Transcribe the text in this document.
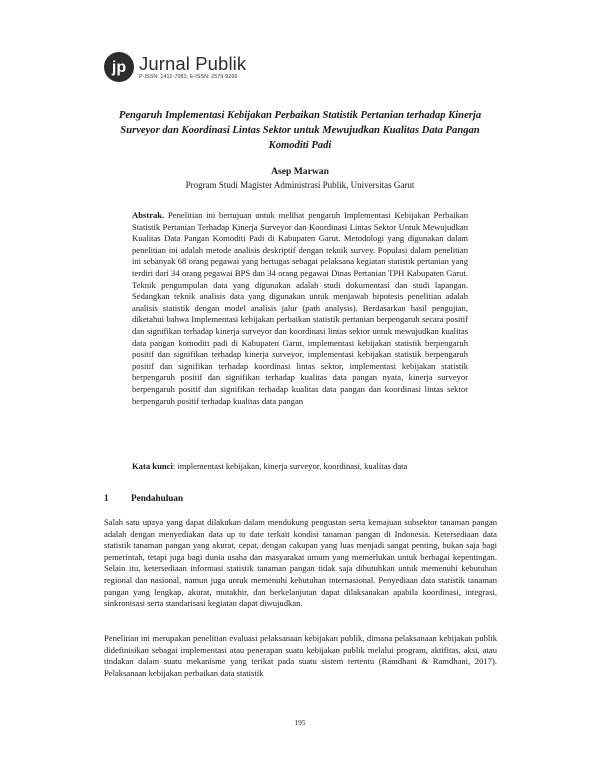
jp Jurnal Publik
P-ISSN: 1412-7083; E-ISSN: 2579-9266
Pengaruh Implementasi Kebijakan Perbaikan Statistik Pertanian terhadap Kinerja Surveyor dan Koordinasi Lintas Sektor untuk Mewujudkan Kualitas Data Pangan Komoditi Padi
Asep Marwan
Program Studi Magister Administrasi Publik, Universitas Garut

Abstrak. Penelitian ini bertujuan untuk melihat pengaruh Implementasi Kebijakan Perbaikan Statistik Pertanian Terhadap Kinerja Surveyor dan Koordinasi Lintas Sektor Untuk Mewujudkan Kualitas Data Pangan Komoditi Padi di Kabupaten Garut. Metodologi yang digunakan dalam penelitian ini adalah metode analisis deskriptif dengan teknik survey. Populasi dalam penelitian ini sebanyak 68 orang pegawai yang bertugas sebagai pelaksana kegiatan statistik pertanian yang terdiri dari 34 orang pegawai BPS dan 34 orang pegawai Dinas Pertanian TPH Kabupaten Garut. Teknik pengumpulan data yang digunakan adalah studi dokumentasi dan studi lapangan. Sedangkan teknik analisis data yang digunakan untuk menjawab hipotesis penelitian adalah analisis statistik dengan model analisis jalur (path analysis). Berdasarkan hasil pengujian, diketahui bahwa Implementasi kebijakan perbaikan statistik pertanian berpengaruh secara positif dan signifikan terhadap kinerja surveyor dan koordinasi lintas sektor untuk mewujudkan kualitas data pangan komoditi padi di Kabupaten Garut, implementasi kebijakan statistik berpengaruh positif dan signifikan terhadap kinerja surveyor, implementasi kebijakan statistik berpengaruh positif dan signifikan terhadap koordinasi lintas sektor, implementasi kebijakan statistik berpengaruh positif dan signifikan terhadap kualitas data pangan nyata, kinerja surveyor berpengaruh positif dan signifikan terhadap kualitas data pangan dan koordinasi lintas sektor berpengaruh positif terhadap kualitas data pangan

Kata kunci: implementasi kebijakan, kinerja surveyor, koordinasi, kualitas data

1 Pendahuluan

Salah satu upaya yang dapat dilakukan dalam mendukung pengustan serta kemajuan subsektor tanaman pangan adalah dengan menyediakan data up to date terkait kondisi tanaman pangan di Indonesia. Ketersediaan data statistik tanaman pangan yang akurat, cepat, dengan cakupan yang luas menjadi sangat penting, bukan saja bagi pemerintah, tetapi juga bagi dunia usaha dan masyarakat umum yang memerlukan untuk berbagai kepentingan. Selain itu, ketersediaan informasi statistik tanaman pangan tidak saja dibutuhkan untuk memenuhi kebutuhan regional dan nasional, namun juga untuk memenuhi kebutuhan internasional. Penyediaan data statistik tanaman pangan yang lengkap, akurat, mutakhir, dan berkelanjutan dapat dilaksanakan apabila koordinasi, integrasi, sinkronisasi serta standarisasi kegiatan dapat diwujudkan.

Penelitian ini merupakan penelitian evaluasi pelaksanaan kebijakan publik, dimana pelaksanaan kebijakan publik didefinisikan sebagai implementasi atau penerapan suatu kebijakan publik melalui program, aktifitas, aksi, atau tindakan dalam suatu mekanisme yang terikat pada suatu sistem tertentu (Ramdhani & Ramdhani, 2017). Pelaksanaan kebijakan perbaikan data statistik

195
